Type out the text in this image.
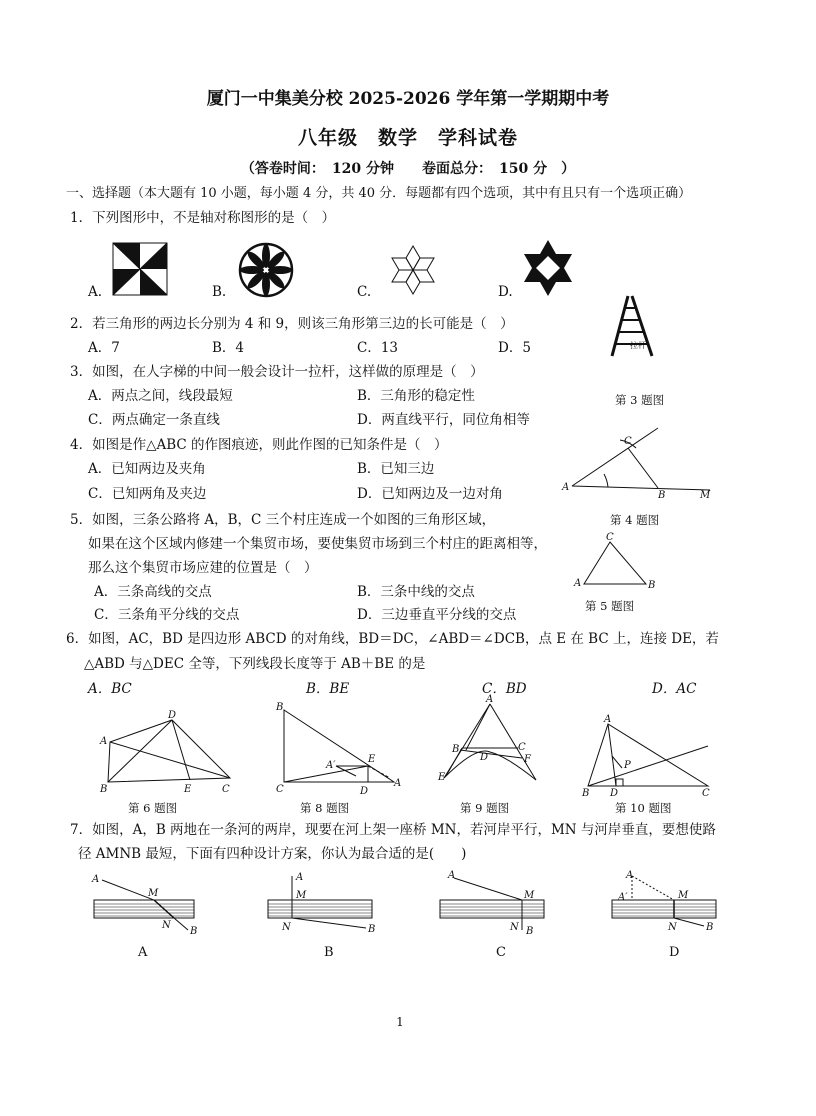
厦门一中集美分校 2025-2026 学年第一学期期中考
八年级　数学　学科试卷
（答卷时间：　120 分钟　　卷面总分：　150 分　）
一、选择题（本大题有 10 小题，每小题 4 分，共 40 分．每题都有四个选项，其中有且只有一个选项正确）
1．下列图形中，不是轴对称图形的是（　）
A.	B.	C.	D.
2．若三角形的两边长分别为 4 和 9，则该三角形第三边的长可能是（　）
A．7	B．4	C．13	D．5	拉杆
3．如图，在人字梯的中间一般会设计一拉杆，这样做的原理是（　）
A．两点之间，线段最短	B．三角形的稳定性
C．两点确定一条直线	D．两直线平行，同位角相等
第 3 题图
4．如图是作△ABC 的作图痕迹，则此作图的已知条件是（　）
A．已知两边及夹角	B．已知三边
C．已知两角及夹边	D．已知两边及一边对角	A
C
B	M
第 4 题图
5．如图，三条公路将 A，B，C 三个村庄连成一个如图的三角形区域，
如果在这个区域内修建一个集贸市场，要使集贸市场到三个村庄的距离相等，
那么这个集贸市场应建的位置是（　）
A．三条高线的交点	B．三条中线的交点
C．三条角平分线的交点	D．三边垂直平分线的交点
C
A	B
第 5 题图
6．如图，AC，BD 是四边形 ABCD 的对角线，BD＝DC，∠ABD＝∠DCB，点 E 在 BC 上，连接 DE，若
△ABD 与△DEC 全等，下列线段长度等于 AB＋BE 的是
A．BC	B．BE	C．BD	D．AC
A
D
B	E	C
B
C
A′
E
D
A
A
B	C
D
E
F
A
P
B D	C
第 6 题图	第 8 题图	第 9 题图	第 10 题图
7．如图，A，B 两地在一条河的两岸，现要在河上架一座桥 MN，若河岸平行，MN 与河岸垂直，要想使路
径 AMNB 最短，下面有四种设计方案，你认为最合适的是(　　)
A
M
N
B
A
M
N	B
A
M
N B
A
A′	M
N	B
A	B	C	D
1
